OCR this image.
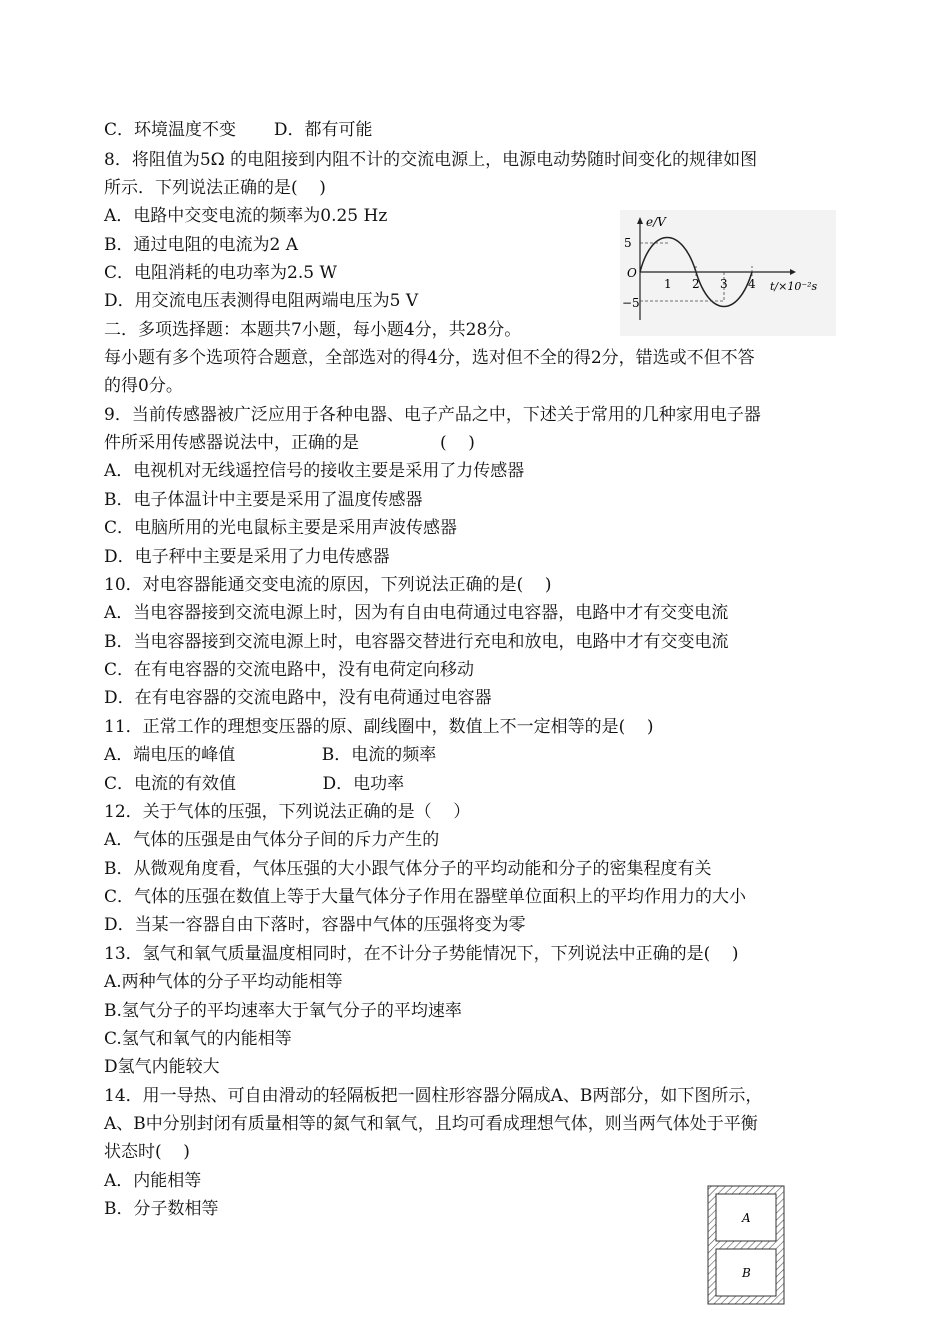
C．环境温度不变       D．都有可能
8．将阻值为5Ω 的电阻接到内阻不计的交流电源上，电源电动势随时间变化的规律如图
所示．下列说法正确的是(    )
A．电路中交变电流的频率为0.25 Hz
B．通过电阻的电流为2 A
C．电阻消耗的电功率为2.5 W
D．用交流电压表测得电阻两端电压为5 V
二．多项选择题：本题共7小题，每小题4分，共28分。
每小题有多个选项符合题意，全部选对的得4分，选对但不全的得2分，错选或不但不答
的得0分。
9．当前传感器被广泛应用于各种电器、电子产品之中，下述关于常用的几种家用电子器
件所采用传感器说法中，正确的是               (    )
A．电视机对无线遥控信号的接收主要是采用了力传感器
B．电子体温计中主要是采用了温度传感器
C．电脑所用的光电鼠标主要是采用声波传感器
D．电子秤中主要是采用了力电传感器
10．对电容器能通交变电流的原因，下列说法正确的是(    )
A．当电容器接到交流电源上时，因为有自由电荷通过电容器，电路中才有交变电流
B．当电容器接到交流电源上时，电容器交替进行充电和放电，电路中才有交变电流
C．在有电容器的交流电路中，没有电荷定向移动
D．在有电容器的交流电路中，没有电荷通过电容器
11．正常工作的理想变压器的原、副线圈中，数值上不一定相等的是(    )
A．端电压的峰值                B．电流的频率
C．电流的有效值                D．电功率
12．关于气体的压强，下列说法正确的是（    ）
A．气体的压强是由气体分子间的斥力产生的
B．从微观角度看，气体压强的大小跟气体分子的平均动能和分子的密集程度有关
C．气体的压强在数值上等于大量气体分子作用在器壁单位面积上的平均作用力的大小
D．当某一容器自由下落时，容器中气体的压强将变为零
13．氢气和氧气质量温度相同时，在不计分子势能情况下，下列说法中正确的是(    )
A.两种气体的分子平均动能相等
B.氢气分子的平均速率大于氧气分子的平均速率
C.氢气和氧气的内能相等
D氢气内能较大
14．用一导热、可自由滑动的轻隔板把一圆柱形容器分隔成A、B两部分，如下图所示，
A、B中分别封闭有质量相等的氮气和氧气，且均可看成理想气体，则当两气体处于平衡
状态时(    )
A．内能相等
B．分子数相等
e/V
5
−5
O
1 2 3 4 t/×10⁻²s
A
B
